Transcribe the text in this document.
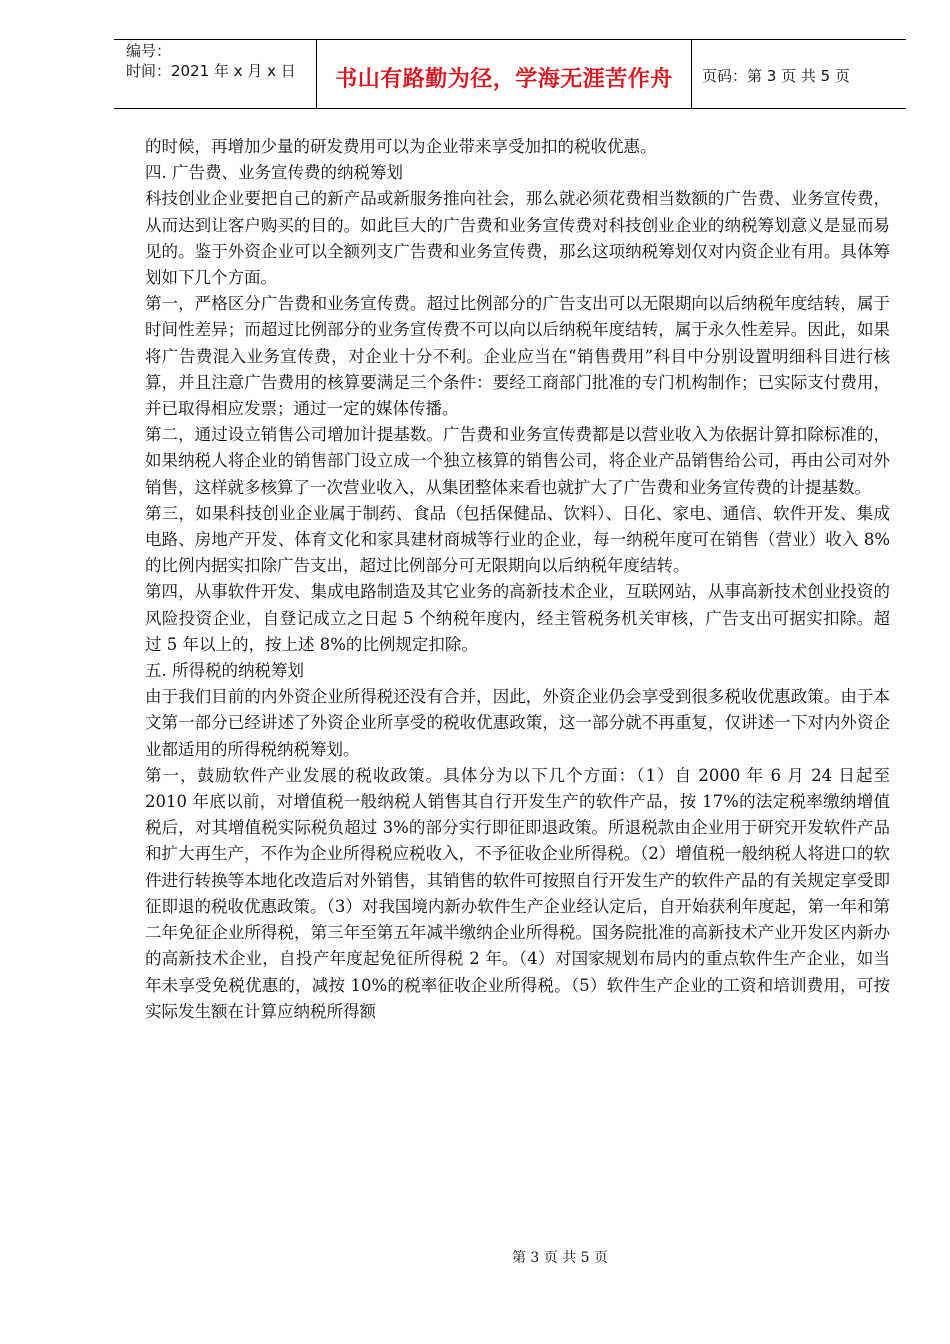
编号：
时间：2021 年 x 月 x 日	书山有路勤为径，学海无涯苦作舟	页码：第 3 页 共 5 页

的时候，再增加少量的研发费用可以为企业带来享受加扣的税收优惠。

四. 广告费、业务宣传费的纳税筹划

科技创业企业要把自己的新产品或新服务推向社会，那么就必须花费相当数额的广告费、业务宣传费，从而达到让客户购买的目的。如此巨大的广告费和业务宣传费对科技创业企业的纳税筹划意义是显而易见的。鉴于外资企业可以全额列支广告费和业务宣传费，那幺这项纳税筹划仅对内资企业有用。具体筹划如下几个方面。

第一，严格区分广告费和业务宣传费。超过比例部分的广告支出可以无限期向以后纳税年度结转，属于时间性差异；而超过比例部分的业务宣传费不可以向以后纳税年度结转，属于永久性差异。因此，如果将广告费混入业务宣传费，对企业十分不利。企业应当在“销售费用”科目中分别设置明细科目进行核算，并且注意广告费用的核算要满足三个条件：要经工商部门批准的专门机构制作；已实际支付费用，并已取得相应发票；通过一定的媒体传播。

第二，通过设立销售公司增加计提基数。广告费和业务宣传费都是以营业收入为依据计算扣除标准的，如果纳税人将企业的销售部门设立成一个独立核算的销售公司，将企业产品销售给公司，再由公司对外销售，这样就多核算了一次营业收入，从集团整体来看也就扩大了广告费和业务宣传费的计提基数。

第三，如果科技创业企业属于制药、食品（包括保健品、饮料）、日化、家电、通信、软件开发、集成电路、房地产开发、体育文化和家具建材商城等行业的企业，每一纳税年度可在销售（营业）收入 8%的比例内据实扣除广告支出，超过比例部分可无限期向以后纳税年度结转。

第四，从事软件开发、集成电路制造及其它业务的高新技术企业，互联网站，从事高新技术创业投资的风险投资企业，自登记成立之日起 5 个纳税年度内，经主管税务机关审核，广告支出可据实扣除。超过 5 年以上的，按上述 8%的比例规定扣除。

五. 所得税的纳税筹划

由于我们目前的内外资企业所得税还没有合并，因此，外资企业仍会享受到很多税收优惠政策。由于本文第一部分已经讲述了外资企业所享受的税收优惠政策，这一部分就不再重复，仅讲述一下对内外资企业都适用的所得税纳税筹划。

第一，鼓励软件产业发展的税收政策。具体分为以下几个方面：（1）自 2000 年 6 月 24 日起至 2010 年底以前，对增值税一般纳税人销售其自行开发生产的软件产品，按 17%的法定税率缴纳增值税后，对其增值税实际税负超过 3%的部分实行即征即退政策。所退税款由企业用于研究开发软件产品和扩大再生产，不作为企业所得税应税收入，不予征收企业所得税。（2）增值税一般纳税人将进口的软件进行转换等本地化改造后对外销售，其销售的软件可按照自行开发生产的软件产品的有关规定享受即征即退的税收优惠政策。（3）对我国境内新办软件生产企业经认定后，自开始获利年度起，第一年和第二年免征企业所得税，第三年至第五年减半缴纳企业所得税。国务院批准的高新技术产业开发区内新办的高新技术企业，自投产年度起免征所得税 2 年。（4）对国家规划布局内的重点软件生产企业，如当年未享受免税优惠的，减按 10%的税率征收企业所得税。（5）软件生产企业的工资和培训费用，可按实际发生额在计算应纳税所得额

第 3 页 共 5 页
